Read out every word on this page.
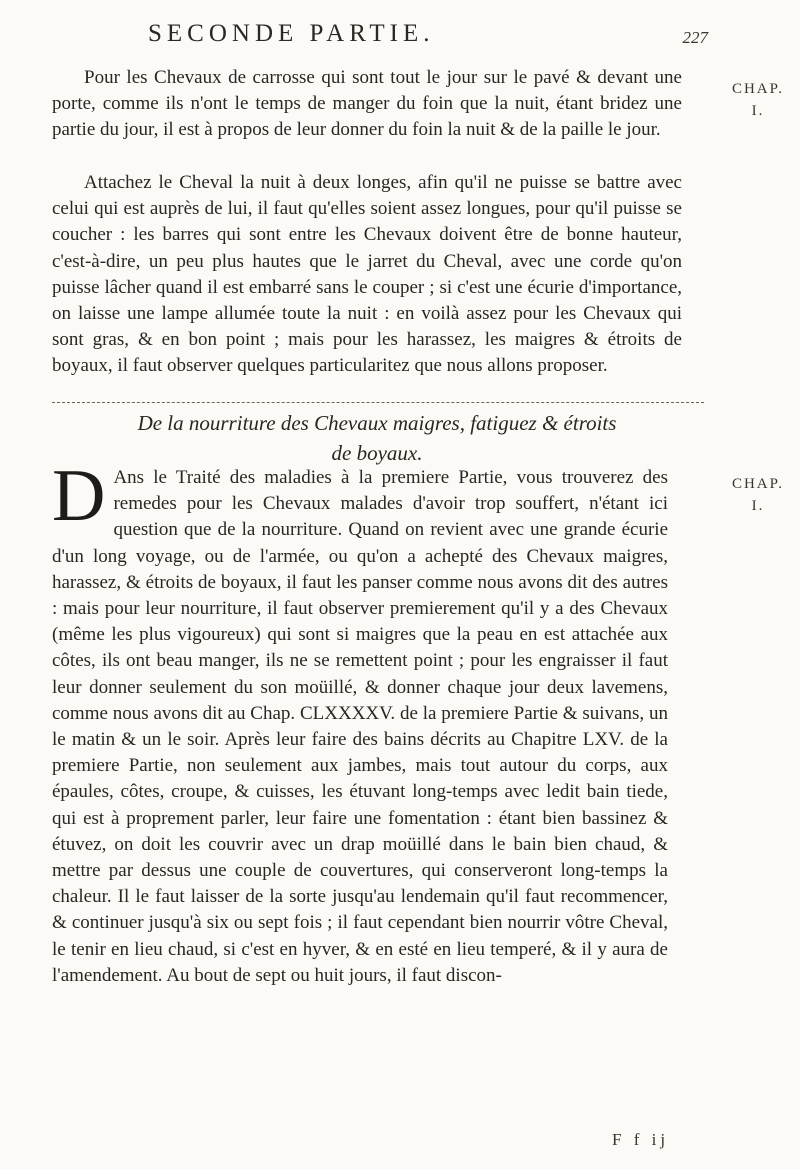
SECONDE PARTIE.	227
CHAP. I.

Pour les Chevaux de carrosse qui sont tout le jour sur le pavé & devant une porte, comme ils n'ont le temps de manger du foin que la nuit, étant bridez une partie du jour, il est à propos de leur donner du foin la nuit & de la paille le jour.

Attachez le Cheval la nuit à deux longes, afin qu'il ne puisse se battre avec celui qui est auprès de lui, il faut qu'elles soient assez longues, pour qu'il puisse se coucher : les barres qui sont entre les Chevaux doivent être de bonne hauteur, c'est-à-dire, un peu plus hautes que le jarret du Cheval, avec une corde qu'on puisse lâcher quand il est embarré sans le couper ; si c'est une écurie d'importance, on laisse une lampe allumée toute la nuit : en voilà assez pour les Chevaux qui sont gras, & en bon point ; mais pour les harassez, les maigres & étroits de boyaux, il faut observer quelques particularitez que nous allons proposer.

De la nourriture des Chevaux maigres, fatiguez & étroits
de boyaux.
CHAP. I.
D Ans le Traité des maladies à la premiere Partie, vous trouverez des remedes pour les Chevaux malades d'avoir trop souffert, n'étant ici question que de la nourriture. Quand on revient avec une grande écurie d'un long voyage, ou de l'armée, ou qu'on a achepté des Chevaux maigres, harassez, & étroits de boyaux, il faut les panser comme nous avons dit des autres : mais pour leur nourriture, il faut observer premierement qu'il y a des Chevaux (même les plus vigoureux) qui sont si maigres que la peau en est attachée aux côtes, ils ont beau manger, ils ne se remettent point ; pour les engraisser il faut leur donner seulement du son moüillé, & donner chaque jour deux lavemens, comme nous avons dit au Chap. CLXXXXV. de la premiere Partie & suivans, un le matin & un le soir. Après leur faire des bains décrits au Chapitre LXV. de la premiere Partie, non seulement aux jambes, mais tout autour du corps, aux épaules, côtes, croupe, & cuisses, les étuvant long-temps avec ledit bain tiede, qui est à proprement parler, leur faire une fomentation : étant bien bassinez & étuvez, on doit les couvrir avec un drap moüillé dans le bain bien chaud, & mettre par dessus une couple de couvertures, qui conserveront long-temps la chaleur. Il le faut laisser de la sorte jusqu'au lendemain qu'il faut recommencer, & continuer jusqu'à six ou sept fois ; il faut cependant bien nourrir vôtre Cheval, le tenir en lieu chaud, si c'est en hyver, & en esté en lieu temperé, & il y aura de l'amendement. Au bout de sept ou huit jours, il faut discon-
F f ij
